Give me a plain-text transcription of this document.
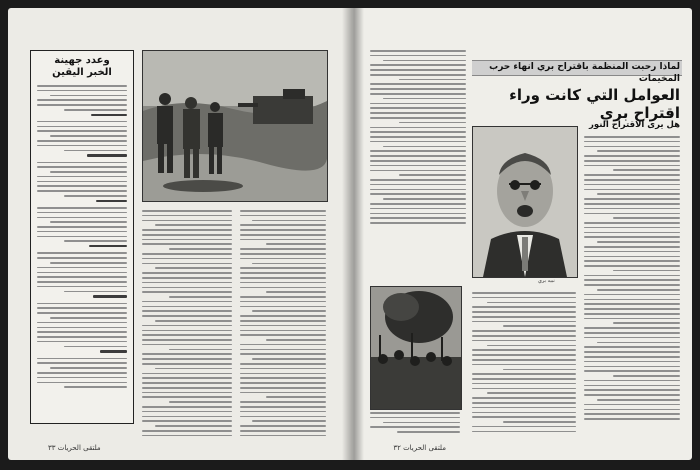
وعدد جهينة
الخبر اليقين
ملتقى الحريات ٣٣
لماذا رحبت المنظمة باقتراح بري انهاء حرب المخيمات
العوامل التي كانت وراء اقتراح بري
هل يرى الاقتراح النور
نبيه بري
ملتقى الحريات ٣٢
